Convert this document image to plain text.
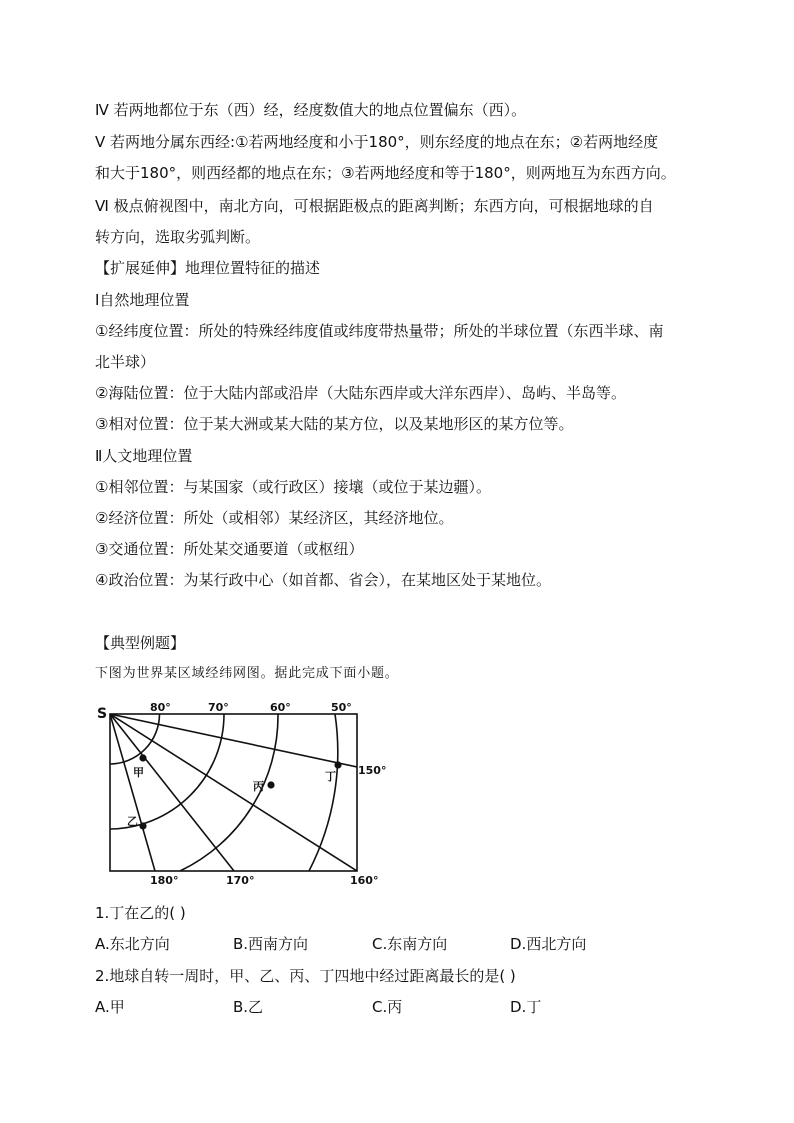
Ⅳ 若两地都位于东（西）经，经度数值大的地点位置偏东（西）。
Ⅴ 若两地分属东西经:①若两地经度和小于180°，则东经度的地点在东；②若两地经度
和大于180°，则西经都的地点在东；③若两地经度和等于180°，则两地互为东西方向。
Ⅵ 极点俯视图中，南北方向，可根据距极点的距离判断；东西方向，可根据地球的自
转方向，选取劣弧判断。
【扩展延伸】地理位置特征的描述
Ⅰ自然地理位置
①经纬度位置：所处的特殊经纬度值或纬度带热量带；所处的半球位置（东西半球、南
北半球）
②海陆位置：位于大陆内部或沿岸（大陆东西岸或大洋东西岸）、岛屿、半岛等。
③相对位置：位于某大洲或某大陆的某方位，以及某地形区的某方位等。
Ⅱ人文地理位置
①相邻位置：与某国家（或行政区）接壤（或位于某边疆）。
②经济位置：所处（或相邻）某经济区，其经济地位。
③交通位置：所处某交通要道（或枢纽）
④政治位置：为某行政中心（如首都、省会），在某地区处于某地位。
【典型例题】
下图为世界某区域经纬网图。据此完成下面小题。
S	80°	70°	60°	50°
150°
180°	170°	160°
甲
乙
丙
丁
1.丁在乙的( )
A.东北方向	B.西南方向	C.东南方向	D.西北方向
2.地球自转一周时，甲、乙、丙、丁四地中经过距离最长的是( )
A.甲	B.乙	C.丙	D.丁
